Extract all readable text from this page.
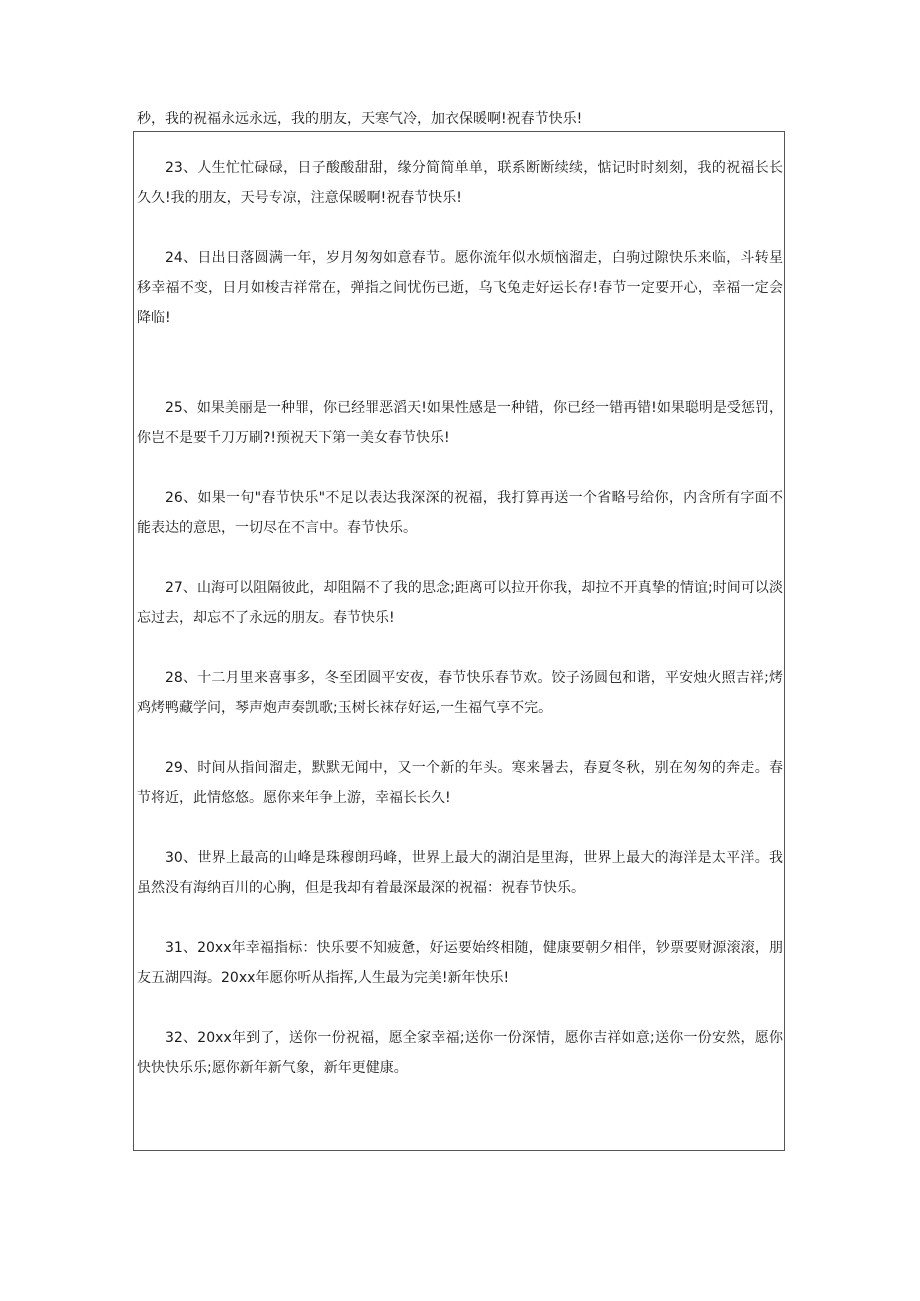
秒，我的祝福永远永远，我的朋友，天寒气冷，加衣保暖啊!祝春节快乐!

23、人生忙忙碌碌，日子酸酸甜甜，缘分简简单单，联系断断续续，惦记时时刻刻，我的祝福长长久久!我的朋友，天号专凉，注意保暖啊!祝春节快乐!

24、日出日落圆满一年，岁月匆匆如意春节。愿你流年似水烦恼溜走，白驹过隙快乐来临，斗转星移幸福不变，日月如梭吉祥常在，弹指之间忧伤已逝，乌飞兔走好运长存!春节一定要开心，幸福一定会降临!

25、如果美丽是一种罪，你已经罪恶滔天!如果性感是一种错，你已经一错再错!如果聪明是受惩罚，你岂不是要千刀万刷?!预祝天下第一美女春节快乐!

26、如果一句"春节快乐"不足以表达我深深的祝福，我打算再送一个省略号给你，内含所有字面不能表达的意思，一切尽在不言中。春节快乐。

27、山海可以阻隔彼此，却阻隔不了我的思念;距离可以拉开你我，却拉不开真挚的情谊;时间可以淡忘过去，却忘不了永远的朋友。春节快乐!

28、十二月里来喜事多，冬至团圆平安夜，春节快乐春节欢。饺子汤圆包和谐，平安烛火照吉祥;烤鸡烤鸭藏学问，琴声炮声奏凯歌;玉树长袜存好运,一生福气享不完。

29、时间从指间溜走，默默无闻中，又一个新的年头。寒来暑去，春夏冬秋，别在匆匆的奔走。春节将近，此情悠悠。愿你来年争上游，幸福长长久!

30、世界上最高的山峰是珠穆朗玛峰，世界上最大的湖泊是里海，世界上最大的海洋是太平洋。我虽然没有海纳百川的心胸，但是我却有着最深最深的祝福：祝春节快乐。

31、20xx年幸福指标：快乐要不知疲惫，好运要始终相随，健康要朝夕相伴，钞票要财源滚滚，朋友五湖四海。20xx年愿你听从指挥,人生最为完美!新年快乐!

32、20xx年到了，送你一份祝福，愿全家幸福;送你一份深情，愿你吉祥如意;送你一份安然，愿你快快快乐乐;愿你新年新气象，新年更健康。
